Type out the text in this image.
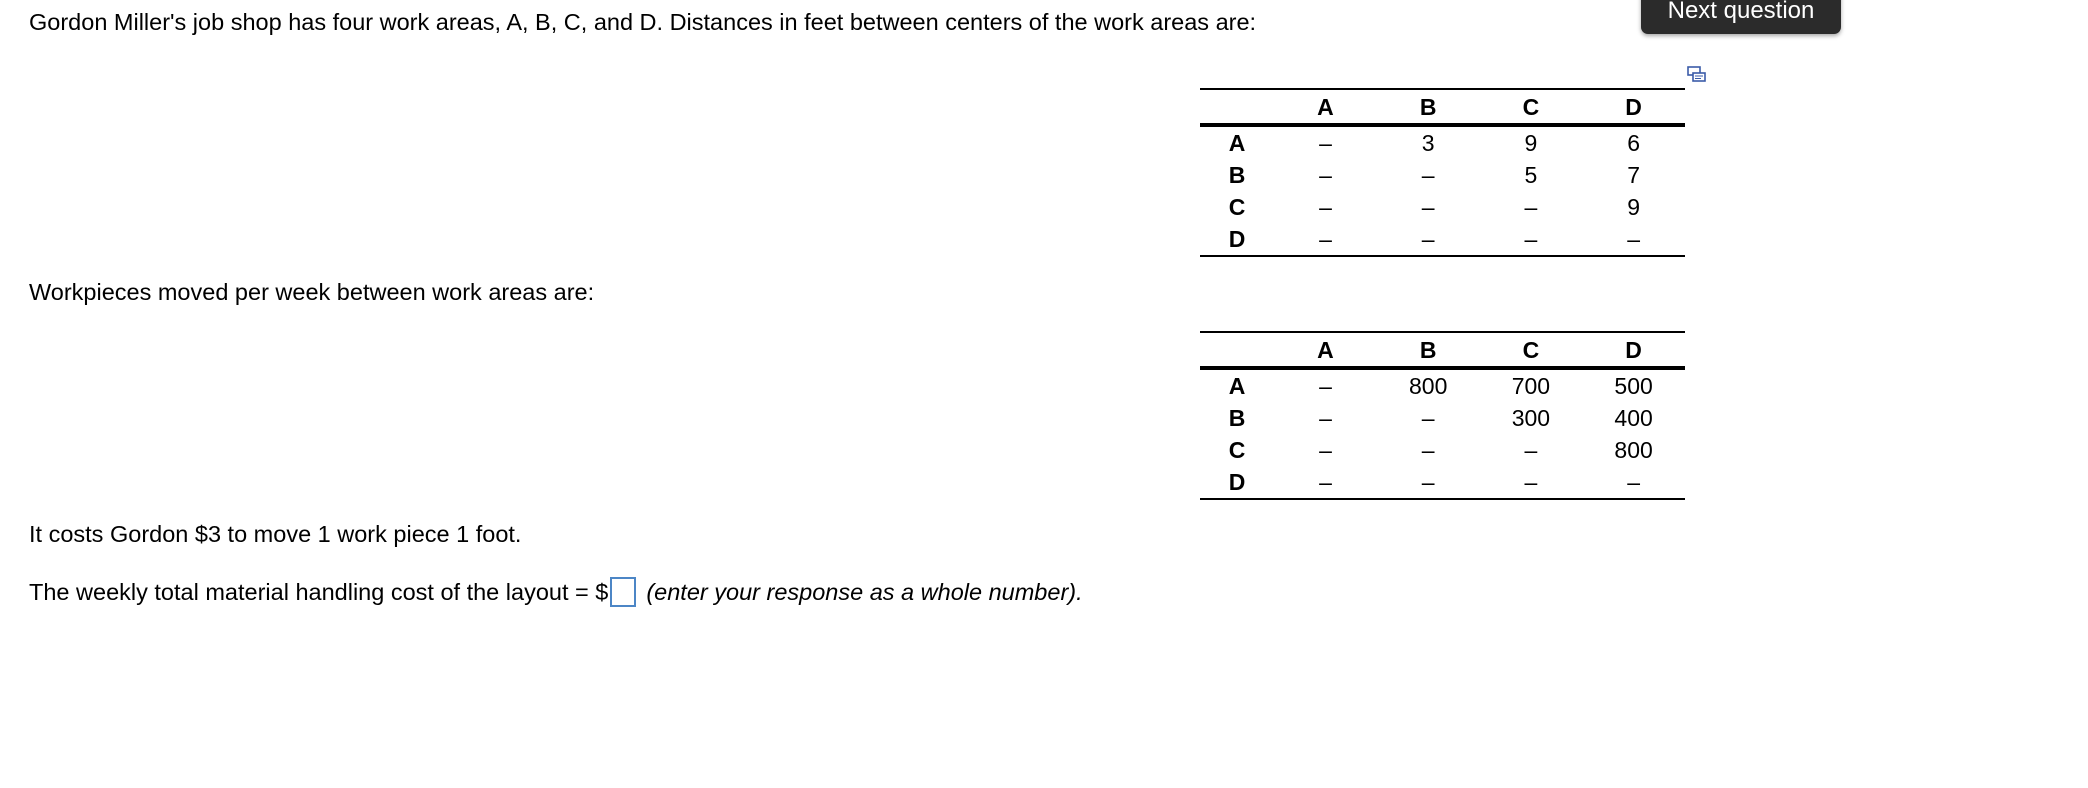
Next question
Gordon Miller's job shop has four work areas, A, B, C, and D. Distances in feet between centers of the work areas are:
	A	B	C	D
A	–	3	9	6
B	–	–	5	7
C	–	–	–	9
D	–	–	–	–
Workpieces moved per week between work areas are:
	A	B	C	D
A	–	800	700	500
B	–	–	300	400
C	–	–	–	800
D	–	–	–	–
It costs Gordon $3 to move 1 work piece 1 foot.
The weekly total material handling cost of the layout = $ (enter your response as a whole number).
